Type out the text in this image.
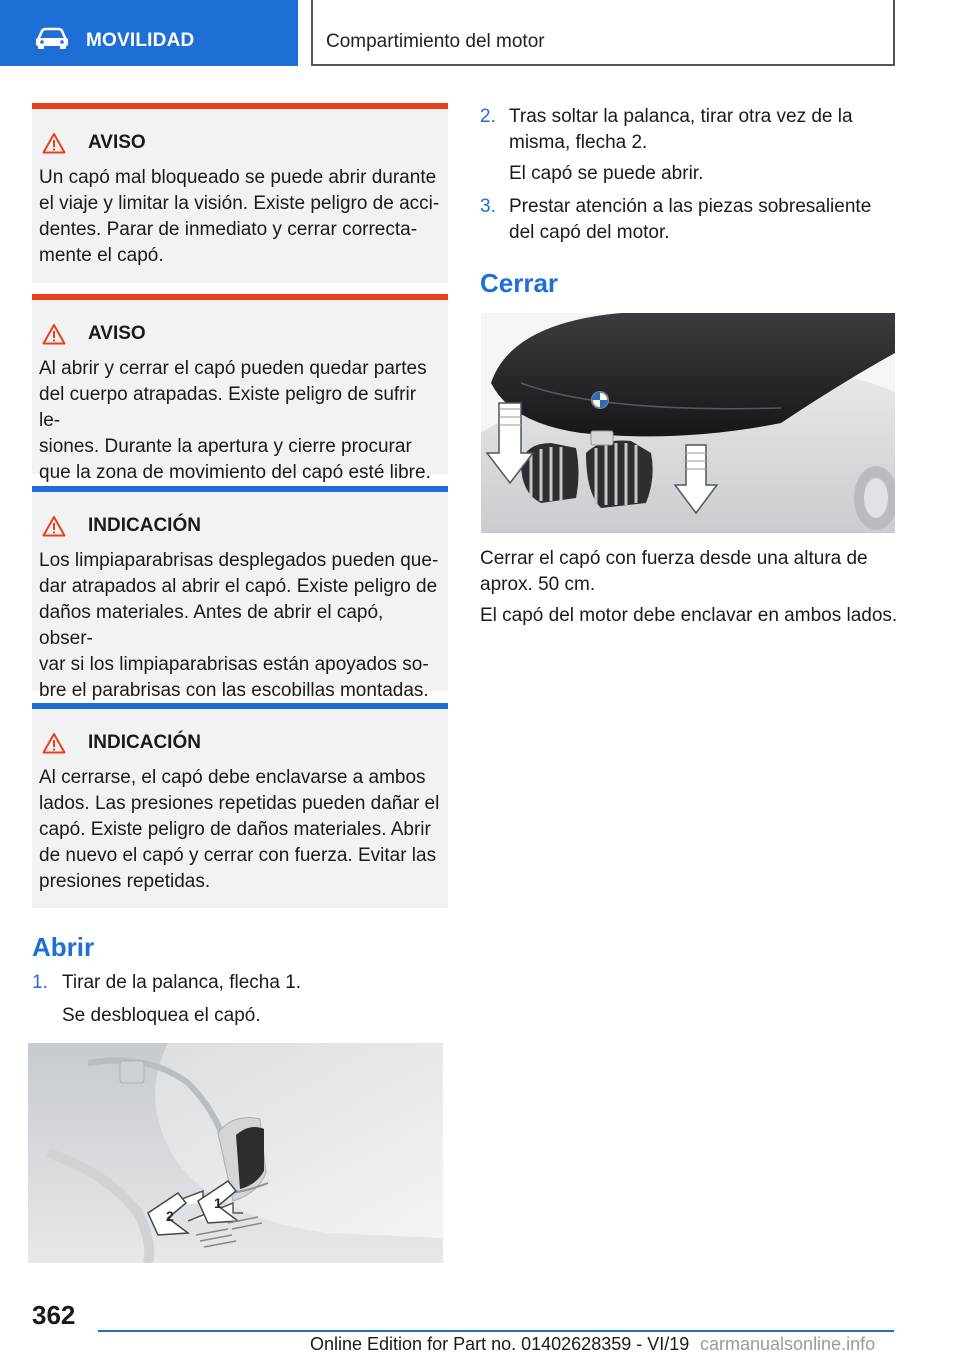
MOVILIDAD	Compartimiento del motor
AVISO
Un capó mal bloqueado se puede abrir durante
el viaje y limitar la visión. Existe peligro de acci-
dentes. Parar de inmediato y cerrar correcta-
mente el capó.
AVISO
Al abrir y cerrar el capó pueden quedar partes
del cuerpo atrapadas. Existe peligro de sufrir le-
siones. Durante la apertura y cierre procurar
que la zona de movimiento del capó esté libre.
INDICACIÓN
Los limpiaparabrisas desplegados pueden que-
dar atrapados al abrir el capó. Existe peligro de
daños materiales. Antes de abrir el capó, obser-
var si los limpiaparabrisas están apoyados so-
bre el parabrisas con las escobillas montadas.
INDICACIÓN
Al cerrarse, el capó debe enclavarse a ambos
lados. Las presiones repetidas pueden dañar el
capó. Existe peligro de daños materiales. Abrir
de nuevo el capó y cerrar con fuerza. Evitar las
presiones repetidas.
Abrir
1. Tirar de la palanca, flecha 1.
Se desbloquea el capó.
2
1
2. Tras soltar la palanca, tirar otra vez de la
misma, flecha 2.
El capó se puede abrir.
3. Prestar atención a las piezas sobresaliente
del capó del motor.
Cerrar
Cerrar el capó con fuerza desde una altura de
aprox. 50 cm.
El capó del motor debe enclavar en ambos lados.
362
Online Edition for Part no. 01402628359 - VI/19 carmanualsonline.info
